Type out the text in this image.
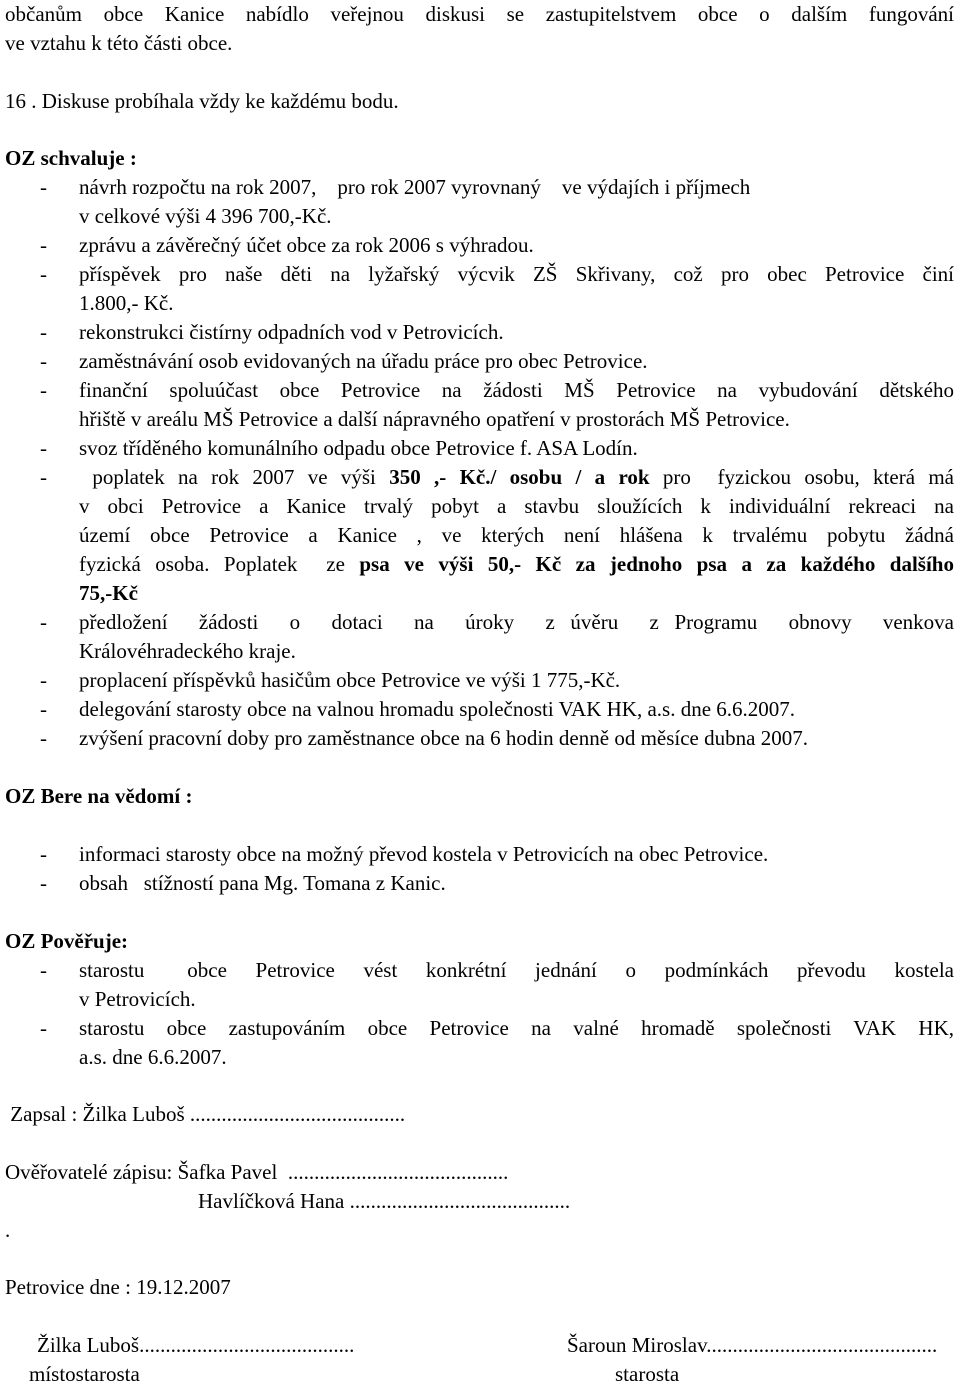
občanům obce Kanice nabídlo veřejnou diskusi se zastupitelstvem obce o dalším fungování
ve vztahu k této části obce.
16 . Diskuse probíhala vždy ke každému bodu.
OZ schvaluje :
- návrh rozpočtu na rok 2007,    pro rok 2007 vyrovnaný    ve výdajích i příjmech
v celkové výši 4 396 700,-Kč.
- zprávu a závěrečný účet obce za rok 2006 s výhradou.
- příspěvek pro naše děti na lyžařský výcvik ZŠ Skřivany, což pro obec Petrovice činí
1.800,- Kč.
- rekonstrukci čistírny odpadních vod v Petrovicích.
- zaměstnávání osob evidovaných na úřadu práce pro obec Petrovice.
- finanční spoluúčast obce Petrovice na žádosti MŠ Petrovice na vybudování dětského
hřiště v areálu MŠ Petrovice a další nápravného opatření v prostorách MŠ Petrovice.
- svoz tříděného komunálního odpadu obce Petrovice f. ASA Lodín.
- poplatek na rok 2007 ve výši 350 ,- Kč./ osobu / a rok pro  fyzickou osobu, která má
v obci Petrovice a Kanice trvalý pobyt a stavbu sloužících k individuální rekreaci na
území obce Petrovice a Kanice , ve kterých není hlášena k trvalému pobytu žádná
fyzická osoba. Poplatek  ze psa ve výši 50,- Kč za jednoho psa a za každého dalšího
75,-Kč
- předložení  žádosti  o  dotaci  na  úroky  z úvěru  z Programu  obnovy  venkova
Královéhradeckého kraje.
- proplacení příspěvků hasičům obce Petrovice ve výši 1 775,-Kč.
- delegování starosty obce na valnou hromadu společnosti VAK HK, a.s. dne 6.6.2007.
- zvýšení pracovní doby pro zaměstnance obce na 6 hodin denně od měsíce dubna 2007.
OZ Bere na vědomí :
- informaci starosty obce na možný převod kostela v Petrovicích na obec Petrovice.
- obsah   stížností pana Mg. Tomana z Kanic.
OZ Pověřuje:
- starostu   obce  Petrovice  vést  konkrétní  jednání  o  podmínkách  převodu  kostela
v Petrovicích.
- starostu obce zastupováním obce Petrovice na valné hromadě společnosti VAK HK,
a.s. dne 6.6.2007.
Zapsal : Žilka Luboš .........................................
Ověřovatelé zápisu: Šafka Pavel  ..........................................
Havlíčková Hana ..........................................
.
Petrovice dne : 19.12.2007
Žilka Luboš.........................................
místostarosta
Šaroun Miroslav............................................
starosta
